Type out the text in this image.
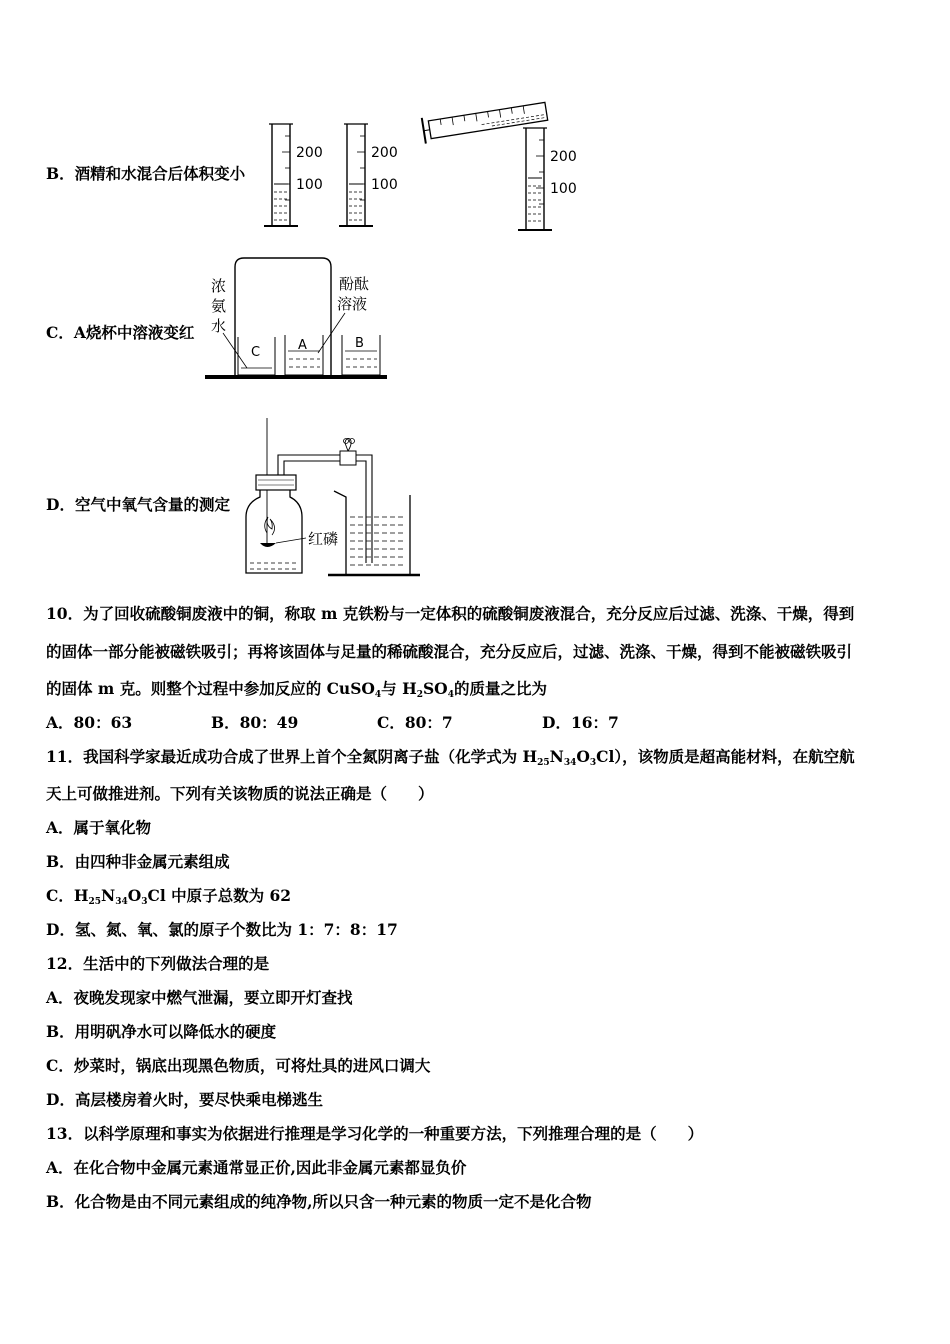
B．酒精和水混合后体积变小
200
100
200
100
200
100
C．A烧杯中溶液变红
C	A	B
浓
氨
水
酚酞
溶液
D．空气中氧气含量的测定
红磷
10．为了回收硫酸铜废液中的铜，称取 m 克铁粉与一定体积的硫酸铜废液混合，充分反应后过滤、洗涤、干燥，得到
的固体一部分能被磁铁吸引；再将该固体与足量的稀硫酸混合，充分反应后，过滤、洗涤、干燥，得到不能被磁铁吸引
的固体 m 克。则整个过程中参加反应的 CuSO$_4$与 $H_2SO_4$的质量之比为
A．80：63	B．80：49	C．80：7	D．16：7
11．我国科学家最近成功合成了世界上首个全氮阴离子盐（化学式为 $H_{25}N_{34}O_3Cl$），该物质是超高能材料，在航空航
天上可做推进剂。下列有关该物质的说法正确是（　　）
A．属于氧化物
B．由四种非金属元素组成
C．$H_{25}N_{34}O_3Cl$ 中原子总数为 62
D．氢、氮、氧、氯的原子个数比为 1：7：8：17
12．生活中的下列做法合理的是
A．夜晚发现家中燃气泄漏，要立即开灯查找
B．用明矾净水可以降低水的硬度
C．炒菜时，锅底出现黑色物质，可将灶具的进风口调大
D．高层楼房着火时，要尽快乘电梯逃生
13．以科学原理和事实为依据进行推理是学习化学的一种重要方法，下列推理合理的是（　　）
A．在化合物中金属元素通常显正价,因此非金属元素都显负价
B．化合物是由不同元素组成的纯净物,所以只含一种元素的物质一定不是化合物
